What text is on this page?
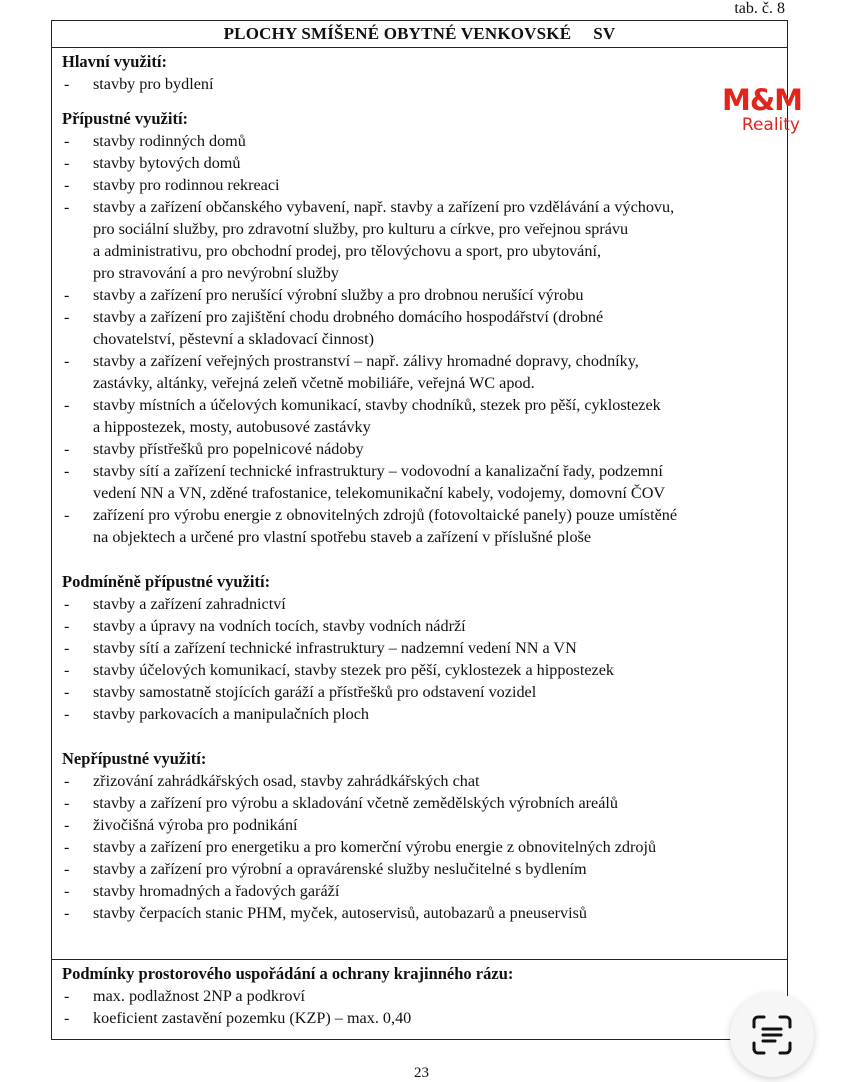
tab. č. 8
PLOCHY SMÍŠENÉ OBYTNÉ VENKOVSKÉ SV
M&M
Reality
Hlavní využití:
- stavby pro bydlení
Přípustné využití:
- stavby rodinných domů
- stavby bytových domů
- stavby pro rodinnou rekreaci
- stavby a zařízení občanského vybavení, např. stavby a zařízení pro vzdělávání a výchovu,
pro sociální služby, pro zdravotní služby, pro kulturu a církve, pro veřejnou správu
a administrativu, pro obchodní prodej, pro tělovýchovu a sport, pro ubytování,
pro stravování a pro nevýrobní služby
- stavby a zařízení pro nerušící výrobní služby a pro drobnou nerušící výrobu
- stavby a zařízení pro zajištění chodu drobného domácího hospodářství (drobné
chovatelství, pěstevní a skladovací činnost)
- stavby a zařízení veřejných prostranství – např. zálivy hromadné dopravy, chodníky,
zastávky, altánky, veřejná zeleň včetně mobiliáře, veřejná WC apod.
- stavby místních a účelových komunikací, stavby chodníků, stezek pro pěší, cyklostezek
a hippostezek, mosty, autobusové zastávky
- stavby přístřešků pro popelnicové nádoby
- stavby sítí a zařízení technické infrastruktury – vodovodní a kanalizační řady, podzemní
vedení NN a VN, zděné trafostanice, telekomunikační kabely, vodojemy, domovní ČOV
- zařízení pro výrobu energie z obnovitelných zdrojů (fotovoltaické panely) pouze umístěné
na objektech a určené pro vlastní spotřebu staveb a zařízení v příslušné ploše
Podmíněně přípustné využití:
- stavby a zařízení zahradnictví
- stavby a úpravy na vodních tocích, stavby vodních nádrží
- stavby sítí a zařízení technické infrastruktury – nadzemní vedení NN a VN
- stavby účelových komunikací, stavby stezek pro pěší, cyklostezek a hippostezek
- stavby samostatně stojících garáží a přístřešků pro odstavení vozidel
- stavby parkovacích a manipulačních ploch
Nepřípustné využití:
- zřizování zahrádkářských osad, stavby zahrádkářských chat
- stavby a zařízení pro výrobu a skladování včetně zemědělských výrobních areálů
- živočišná výroba pro podnikání
- stavby a zařízení pro energetiku a pro komerční výrobu energie z obnovitelných zdrojů
- stavby a zařízení pro výrobní a opravárenské služby neslučitelné s bydlením
- stavby hromadných a řadových garáží
- stavby čerpacích stanic PHM, myček, autoservisů, autobazarů a pneuservisů
Podmínky prostorového uspořádání a ochrany krajinného rázu:
- max. podlažnost 2NP a podkroví
- koeficient zastavění pozemku (KZP) – max. 0,40
23
